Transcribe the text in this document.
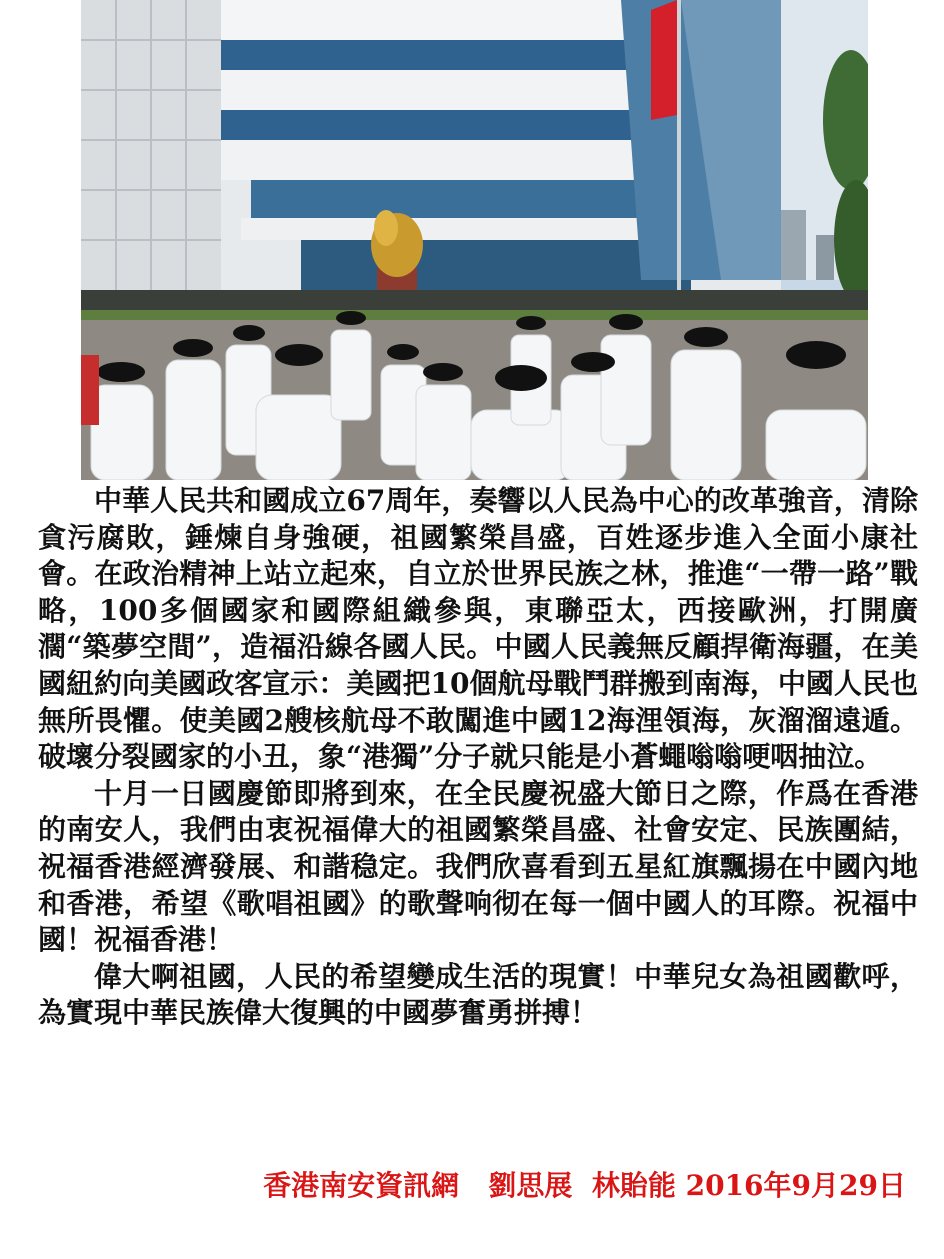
中華人民共和國成立67周年，奏響以人民為中心的改革強音，清除貪污腐敗，錘煉自身強硬，祖國繁榮昌盛，百姓逐步進入全面小康社會。在政治精神上站立起來，自立於世界民族之林，推進“一帶一路”戰略，100多個國家和國際組織參與，東聯亞太，西接歐洲，打開廣濶“築夢空間”，造福沿線各國人民。中國人民義無反顧捍衛海疆，在美國紐約向美國政客宣示：美國把10個航母戰鬥群搬到南海，中國人民也無所畏懼。使美國2艘核航母不敢闖進中國12海浬領海，灰溜溜遠遁。破壞分裂國家的小丑，象“港獨”分子就只能是小蒼蠅嗡嗡哽咽抽泣。

十月一日國慶節即將到來，在全民慶祝盛大節日之際，作爲在香港的南安人，我們由衷祝福偉大的祖國繁榮昌盛、社會安定、民族團結，祝福香港經濟發展、和諧稳定。我們欣喜看到五星紅旗飄揚在中國內地和香港，希望《歌唱祖國》的歌聲响彻在每一個中國人的耳際。祝福中國！祝福香港！

偉大啊祖國，人民的希望變成生活的現實！中華兒女為祖國歡呼，為實現中華民族偉大復興的中國夢奮勇拼搏！

香港南安資訊網   劉思展  林貽能 2016年9月29日
